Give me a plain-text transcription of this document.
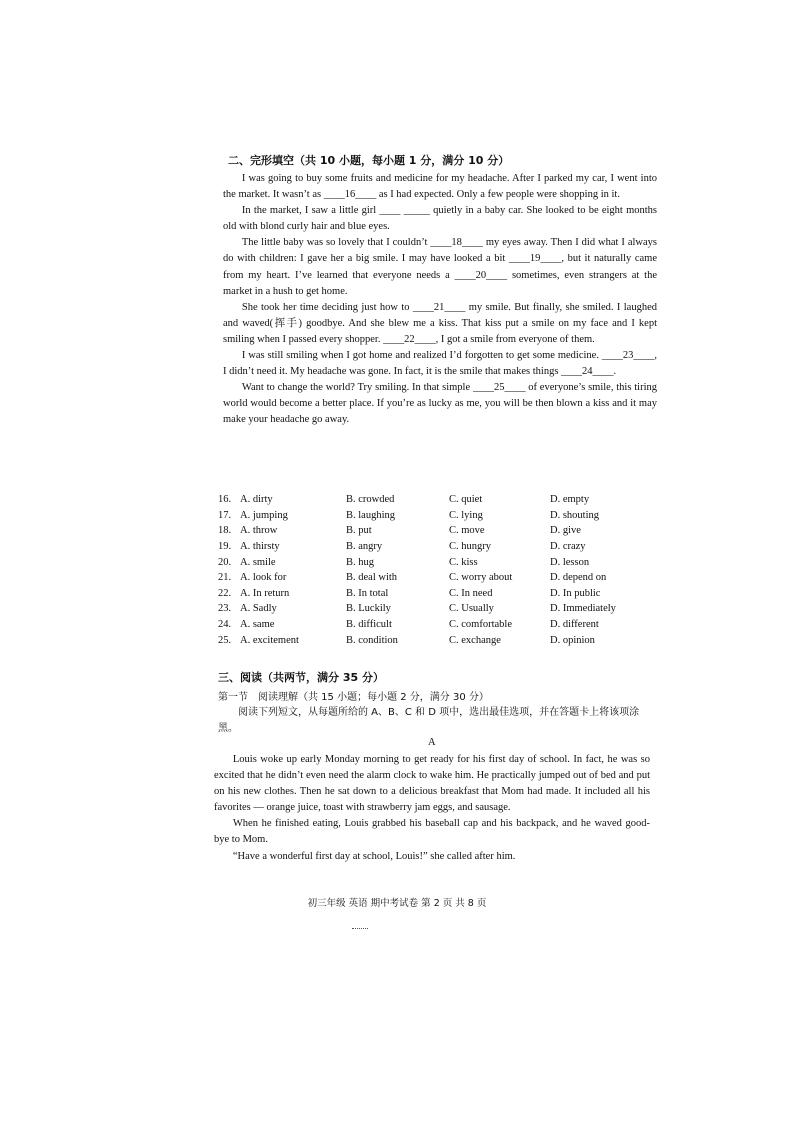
二、完形填空（共 10 小题，每小题 1 分，满分 10 分）

I was going to buy some fruits and medicine for my headache. After I parked my car, I went into the market. It wasn’t as ____16____ as I had expected. Only a few people were shopping in it.

In the market, I saw a little girl ____ _____ quietly in a baby car. She looked to be eight months old with blond curly hair and blue eyes.

The little baby was so lovely that I couldn’t ____18____ my eyes away. Then I did what I always do with children: I gave her a big smile. I may have looked a bit ____19____, but it naturally came from my heart. I’ve learned that everyone needs a ____20____ sometimes, even strangers at the market in a hush to get home.

She took her time deciding just how to ____21____ my smile. But finally, she smiled. I laughed and waved(挥手) goodbye. And she blew me a kiss. That kiss put a smile on my face and I kept smiling when I passed every shopper. ____22____, I got a smile from everyone of them.

I was still smiling when I got home and realized I’d forgotten to get some medicine. ____23____, I didn’t need it. My headache was gone. In fact, it is the smile that makes things ____24____.

Want to change the world? Try smiling. In that simple ____25____ of everyone’s smile, this tiring world would become a better place. If you’re as lucky as me, you will be then blown a kiss and it may make your headache go away.

16.	A. dirty	B. crowded	C. quiet	D. empty
17.	A. jumping	B. laughing	C. lying	D. shouting
18.	A. throw	B. put	C. move	D. give
19.	A. thirsty	B. angry	C. hungry	D. crazy
20.	A. smile	B. hug	C. kiss	D. lesson
21.	A. look for	B. deal with	C. worry about	D. depend on
22.	A. In return	B. In total	C. In need	D. In public
23.	A. Sadly	B. Luckily	C. Usually	D. Immediately
24.	A. same	B. difficult	C. comfortable	D. different
25.	A. excitement	B. condition	C. exchange	D. opinion
三、阅读（共两节，满分 35 分）
第一节　阅读理解（共 15 小题；每小题 2 分，满分 30 分）
阅读下列短文，从每题所给的 A、B、C 和 D 项中，选出最佳选项，并在答题卡上将该项涂黑。
A

Louis woke up early Monday morning to get ready for his first day of school. In fact, he was so excited that he didn’t even need the alarm clock to wake him. He practically jumped out of bed and put on his new clothes. Then he sat down to a delicious breakfast that Mom had made. It included all his favorites — orange juice, toast with strawberry jam eggs, and sausage.

When he finished eating, Louis grabbed his baseball cap and his backpack, and he waved good-bye to Mom.

“Have a wonderful first day at school, Louis!” she called after him.

初三年级 英语 期中考试卷 第 2 页 共 8 页
